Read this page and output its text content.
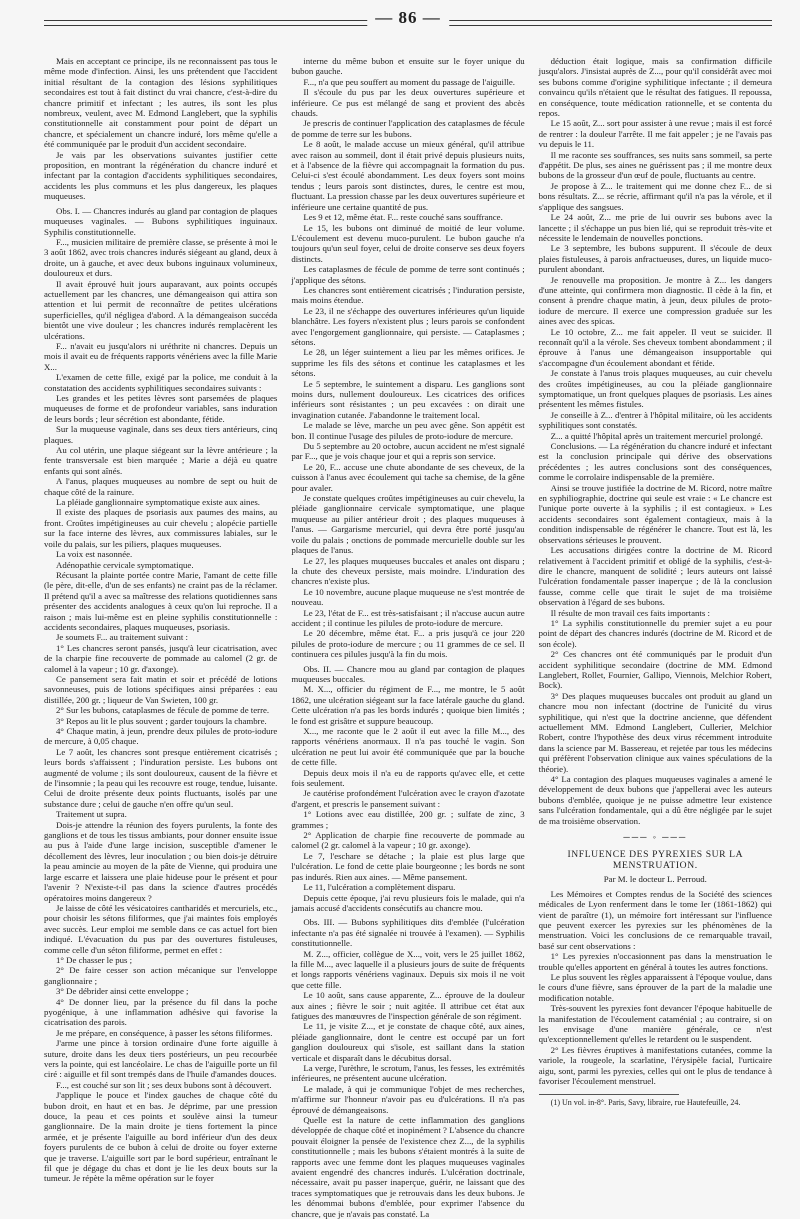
— 86 —

Mais en acceptant ce principe, ils ne reconnaissent pas tous le même mode d'infection. Ainsi, les uns prétendent que l'accident initial résultant de la contagion des lésions syphilitiques secondaires est tout à fait distinct du vrai chancre, c'est-à-dire du chancre primitif et infectant ; les autres, ils sont les plus nombreux, veulent, avec M. Edmond Langlebert, que la syphilis constitutionnelle ait constamment pour point de départ un chancre, et spécialement un chancre induré, lors même qu'elle a été communiquée par le produit d'un accident secondaire.

Je vais par les observations suivantes justifier cette proposition, en montrant la régénération du chancre induré et infectant par la contagion d'accidents syphilitiques secondaires, accidents les plus communs et les plus dangereux, les plaques muqueuses.

Obs. I. — Chancres indurés au gland par contagion de plaques muqueuses vaginales. — Bubons syphilitiques inguinaux. Syphilis constitutionnelle.

F..., musicien militaire de première classe, se présente à moi le 3 août 1862, avec trois chancres indurés siégeant au gland, deux à droite, un à gauche, et avec deux bubons inguinaux volumineux, douloureux et durs.

Il avait éprouvé huit jours auparavant, aux points occupés actuellement par les chancres, une démangeaison qui attira son attention et lui permit de reconnaître de petites ulcérations superficielles, qu'il négligea d'abord. A la démangeaison succéda bientôt une vive douleur ; les chancres indurés remplacèrent les ulcérations.

F... n'avait eu jusqu'alors ni uréthrite ni chancres. Depuis un mois il avait eu de fréquents rapports vénériens avec la fille Marie X...

L'examen de cette fille, exigé par la police, me conduit à la constatation des accidents syphilitiques secondaires suivants :

Les grandes et les petites lèvres sont parsemées de plaques muqueuses de forme et de profondeur variables, sans induration de leurs bords ; leur sécrétion est abondante, fétide.

Sur la muqueuse vaginale, dans ses deux tiers antérieurs, cinq plaques.

Au col utérin, une plaque siégeant sur la lèvre antérieure ; la fente transversale est bien marquée ; Marie a déjà eu quatre enfants qui sont aînés.

A l'anus, plaques muqueuses au nombre de sept ou huit de chaque côté de la rainure.

La pléiade ganglionnaire symptomatique existe aux aines.

Il existe des plaques de psoriasis aux paumes des mains, au front. Croûtes impétigineuses au cuir chevelu ; alopécie partielle sur la face interne des lèvres, aux commissures labiales, sur le voile du palais, sur les piliers, plaques muqueuses.

La voix est nasonnée.

Adénopathie cervicale symptomatique.

Récusant la plainte portée contre Marie, l'amant de cette fille (le père, dit-elle, d'un de ses enfants) ne craint pas de la réclamer. Il prétend qu'il a avec sa maîtresse des relations quotidiennes sans présenter des accidents analogues à ceux qu'on lui reproche. Il a raison ; mais lui-même est en pleine syphilis constitutionnelle : accidents secondaires, plaques muqueuses, psoriasis.

Je soumets F... au traitement suivant :

1° Les chancres seront pansés, jusqu'à leur cicatrisation, avec de la charpie fine recouverte de pommade au calomel (2 gr. de calomel à la vapeur ; 10 gr. d'axonge).

Ce pansement sera fait matin et soir et précédé de lotions savonneuses, puis de lotions spécifiques ainsi préparées : eau distillée, 200 gr. ; liqueur de Van Swieten, 100 gr.

2° Sur les bubons, cataplasmes de fécule de pomme de terre.

3° Repos au lit le plus souvent ; garder toujours la chambre.

4° Chaque matin, à jeun, prendre deux pilules de proto-iodure de mercure, à 0,05 chaque.

Le 7 août, les chancres sont presque entièrement cicatrisés ; leurs bords s'affaissent ; l'induration persiste. Les bubons ont augmenté de volume ; ils sont douloureux, causent de la fièvre et de l'insomnie ; la peau qui les recouvre est rouge, tendue, luisante. Celui de droite présente deux points fluctuants, isolés par une substance dure ; celui de gauche n'en offre qu'un seul.

Traitement ut supra.

Dois-je attendre la réunion des foyers purulents, la fonte des ganglions et de tous les tissus ambiants, pour donner ensuite issue au pus à l'aide d'une large incision, susceptible d'amener le décollement des lèvres, leur inoculation ; ou bien dois-je détruire la peau amincie au moyen de la pâte de Vienne, qui produira une large escarre et laissera une plaie hideuse pour le présent et pour l'avenir ? N'existe-t-il pas dans la science d'autres procédés opératoires moins dangereux ?

Je laisse de côté les vésicatoires cantharidés et mercuriels, etc., pour choisir les sétons filiformes, que j'ai maintes fois employés avec succès. Leur emploi me semble dans ce cas actuel fort bien indiqué. L'évacuation du pus par des ouvertures fistuleuses, comme celle d'un séton filiforme, permet en effet :

1° De chasser le pus ;

2° De faire cesser son action mécanique sur l'enveloppe ganglionnaire ;

3° De débrider ainsi cette enveloppe ;

4° De donner lieu, par la présence du fil dans la poche pyogénique, à une inflammation adhésive qui favorise la cicatrisation des parois.

Je me prépare, en conséquence, à passer les sétons filiformes.

J'arme une pince à torsion ordinaire d'une forte aiguille à suture, droite dans les deux tiers postérieurs, un peu recourbée vers la pointe, qui est lancéolaire. Le chas de l'aiguille porte un fil ciré : aiguille et fil sont trempés dans de l'huile d'amandes douces.

F..., est couché sur son lit ; ses deux bubons sont à découvert.

J'applique le pouce et l'index gauches de chaque côté du bubon droit, en haut et en bas. Je déprime, par une pression douce, la peau et ces points et soulève ainsi la tumeur ganglionnaire. De la main droite je tiens fortement la pince armée, et je présente l'aiguille au bord inférieur d'un des deux foyers purulents de ce bubon à celui de droite ou foyer externe que je traverse. L'aiguille sort par le bord supérieur, entraînant le fil que je dégage du chas et dont je lie les deux bouts sur la tumeur. Je répète la même opération sur le foyer

interne du même bubon et ensuite sur le foyer unique du bubon gauche.

F..., n'a que peu souffert au moment du passage de l'aiguille.

Il s'écoule du pus par les deux ouvertures supérieure et inférieure. Ce pus est mélangé de sang et provient des abcès chauds.

Je prescris de continuer l'application des cataplasmes de fécule de pomme de terre sur les bubons.

Le 8 août, le malade accuse un mieux général, qu'il attribue avec raison au sommeil, dont il était privé depuis plusieurs nuits, et à l'absence de la fièvre qui accompagnait la formation du pus. Celui-ci s'est écoulé abondamment. Les deux foyers sont moins tendus ; leurs parois sont distinctes, dures, le centre est mou, fluctuant. La pression chasse par les deux ouvertures supérieure et inférieure une certaine quantité de pus.

Les 9 et 12, même état. F... reste couché sans souffrance.

Le 15, les bubons ont diminué de moitié de leur volume. L'écoulement est devenu muco-purulent. Le bubon gauche n'a toujours qu'un seul foyer, celui de droite conserve ses deux foyers distincts.

Les cataplasmes de fécule de pomme de terre sont continués ; j'applique des sétons.

Les chancres sont entièrement cicatrisés ; l'induration persiste, mais moins étendue.

Le 23, il ne s'échappe des ouvertures inférieures qu'un liquide blanchâtre. Les foyers n'existent plus ; leurs parois se confondent avec l'engorgement ganglionnaire, qui persiste. — Cataplasmes ; sétons.

Le 28, un léger suintement a lieu par les mêmes orifices. Je supprime les fils des sétons et continue les cataplasmes et les sétons.

Le 5 septembre, le suintement a disparu. Les ganglions sont moins durs, nullement douloureux. Les cicatrices des orifices inférieurs sont résistantes ; un peu excavées : on dirait une invagination cutanée. J'abandonne le traitement local.

Le malade se lève, marche un peu avec gêne. Son appétit est bon. Il continue l'usage des pilules de proto-iodure de mercure.

Du 5 septembre au 20 octobre, aucun accident ne m'est signalé par F..., que je vois chaque jour et qui a repris son service.

Le 20, F... accuse une chute abondante de ses cheveux, de la cuisson à l'anus avec écoulement qui tache sa chemise, de la gêne pour avaler.

Je constate quelques croûtes impétigineuses au cuir chevelu, la pléiade ganglionnaire cervicale symptomatique, une plaque muqueuse au pilier antérieur droit ; des plaques muqueuses à l'anus. — Gargarisme mercuriel, qui devra être porté jusqu'au voile du palais ; onctions de pommade mercurielle double sur les plaques de l'anus.

Le 27, les plaques muqueuses buccales et anales ont disparu ; la chute des cheveux persiste, mais moindre. L'induration des chancres n'existe plus.

Le 10 novembre, aucune plaque muqueuse ne s'est montrée de nouveau.

Le 23, l'état de F... est très-satisfaisant ; il n'accuse aucun autre accident ; il continue les pilules de proto-iodure de mercure.

Le 20 décembre, même état. F... a pris jusqu'à ce jour 220 pilules de proto-iodure de mercure ; ou 11 grammes de ce sel. Il continuera ces pilules jusqu'à la fin du mois.

Obs. II. — Chancre mou au gland par contagion de plaques muqueuses buccales.

M. X..., officier du régiment de F..., me montre, le 5 août 1862, une ulcération siégeant sur la face latérale gauche du gland. Cette ulcération n'a pas les bords indurés ; quoique bien limités ; le fond est grisâtre et suppure beaucoup.

X..., me raconte que le 2 août il eut avec la fille M..., des rapports vénériens anormaux. Il n'a pas touché le vagin. Son ulcération ne peut lui avoir été communiquée que par la bouche de cette fille.

Depuis deux mois il n'a eu de rapports qu'avec elle, et cette fois seulement.

Je cautérise profondément l'ulcération avec le crayon d'azotate d'argent, et prescris le pansement suivant :

1° Lotions avec eau distillée, 200 gr. ; sulfate de zinc, 3 grammes ;

2° Application de charpie fine recouverte de pommade au calomel (2 gr. calomel à la vapeur ; 10 gr. axonge).

Le 7, l'eschare se détache ; la plaie est plus large que l'ulcération. Le fond de cette plaie bourgeonne ; les bords ne sont pas indurés. Rien aux aines. — Même pansement.

Le 11, l'ulcération a complètement disparu.

Depuis cette époque, j'ai revu plusieurs fois le malade, qui n'a jamais accusé d'accidents consécutifs au chancre mou.

Obs. III. — Bubons syphilitiques dits d'emblée (l'ulcération infectante n'a pas été signalée ni trouvée à l'examen). — Syphilis constitutionnelle.

M. Z..., officier, collègue de X..., voit, vers le 25 juillet 1862, la fille M..., avec laquelle il a plusieurs jours de suite de fréquents et longs rapports vénériens vaginaux. Depuis six mois il ne voit que cette fille.

Le 10 août, sans cause apparente, Z... éprouve de la douleur aux aines ; fièvre le soir ; nuit agitée. Il attribue cet état aux fatigues des manœuvres de l'inspection générale de son régiment.

Le 11, je visite Z..., et je constate de chaque côté, aux aines, pléiade ganglionnaire, dont le centre est occupé par un fort ganglion douloureux qui s'isole, est saillant dans la station verticale et disparaît dans le décubitus dorsal.

La verge, l'urèthre, le scrotum, l'anus, les fesses, les extrémités inférieures, ne présentent aucune ulcération.

Le malade, à qui je communique l'objet de mes recherches, m'affirme sur l'honneur n'avoir pas eu d'ulcérations. Il n'a pas éprouvé de démangeaisons.

Quelle est la nature de cette inflammation des ganglions développée de chaque côté et inopinément ? L'absence du chancre pouvait éloigner la pensée de l'existence chez Z..., de la syphilis constitutionnelle ; mais les bubons s'étaient montrés à la suite de rapports avec une femme dont les plaques muqueuses vaginales avaient engendré des chancres indurés. L'ulcération doctrinale, nécessaire, avait pu passer inaperçue, guérir, ne laissant que des traces symptomatiques que je retrouvais dans les deux bubons. Je les dénommai bubons d'emblée, pour exprimer l'absence du chancre, que je n'avais pas constaté. La

déduction était logique, mais sa confirmation difficile jusqu'alors. J'insistai auprès de Z..., pour qu'il considérât avec moi ses bubons comme d'origine syphilitique infectante ; il demeura convaincu qu'ils n'étaient que le résultat des fatigues. Il repoussa, en conséquence, toute médication rationnelle, et se contenta du repos.

Le 15 août, Z... sort pour assister à une revue ; mais il est forcé de rentrer : la douleur l'arrête. Il me fait appeler ; je ne l'avais pas vu depuis le 11.

Il me raconte ses souffrances, ses nuits sans sommeil, sa perte d'appétit. De plus, ses aines ne guérissent pas ; il me montre deux bubons de la grosseur d'un œuf de poule, fluctuants au centre.

Je propose à Z... le traitement qui me donne chez F... de si bons résultats. Z... se récrie, affirmant qu'il n'a pas la vérole, et il s'applique des sangsues.

Le 24 août, Z... me prie de lui ouvrir ses bubons avec la lancette ; il s'échappe un pus bien lié, qui se reproduit très-vite et nécessite le lendemain de nouvelles ponctions.

Le 3 septembre, les bubons suppurent. Il s'écoule de deux plaies fistuleuses, à parois anfractueuses, dures, un liquide muco-purulent abondant.

Je renouvelle ma proposition. Je montre à Z... les dangers d'une atteinte, qui confirmera mon diagnostic. Il cède à la fin, et consent à prendre chaque matin, à jeun, deux pilules de proto-iodure de mercure. Il exerce une compression graduée sur les aines avec des spicas.

Le 10 octobre, Z... me fait appeler. Il veut se suicider. Il reconnaît qu'il a la vérole. Ses cheveux tombent abondamment ; il éprouve à l'anus une démangeaison insupportable qui s'accompagne d'un écoulement abondant et fétide.

Je constate à l'anus trois plaques muqueuses, au cuir chevelu des croûtes impétigineuses, au cou la pléiade ganglionnaire symptomatique, un front quelques plaques de psoriasis. Les aines présentent les mêmes fistules.

Je conseille à Z... d'entrer à l'hôpital militaire, où les accidents syphilitiques sont constatés.

Z... a quitté l'hôpital après un traitement mercuriel prolongé.

Conclusions. — La régénération du chancre induré et infectant est la conclusion principale qui dérive des observations précédentes ; les autres conclusions sont des conséquences, comme le corrolaire indispensable de la première.

Ainsi se trouve justifiée la doctrine de M. Ricord, notre maître en syphiliographie, doctrine qui seule est vraie : « Le chancre est l'unique porte ouverte à la syphilis ; il est contagieux. » Les accidents secondaires sont également contagieux, mais à la condition indispensable de régénérer le chancre. Tout est là, les observations sérieuses le prouvent.

Les accusations dirigées contre la doctrine de M. Ricord relativement à l'accident primitif et obligé de la syphilis, c'est-à-dire le chancre, manquent de solidité ; leurs auteurs ont laissé l'ulcération fondamentale passer inaperçue ; de là la conclusion fausse, comme celle que tirait le sujet de ma troisième observation à l'égard de ses bubons.

Il résulte de mon travail ces faits importants :

1° La syphilis constitutionnelle du premier sujet a eu pour point de départ des chancres indurés (doctrine de M. Ricord et de son école).

2° Ces chancres ont été communiqués par le produit d'un accident syphilitique secondaire (doctrine de MM. Edmond Langlebert, Rollet, Fournier, Gallipo, Viennois, Melchior Robert, Bock).

3° Des plaques muqueuses buccales ont produit au gland un chancre mou non infectant (doctrine de l'unicité du virus syphilitique, qui n'est que la doctrine ancienne, que défendent actuellement MM. Edmond Langlebert, Cullerier, Melchior Robert, contre l'hypothèse des deux virus récemment introduite dans la science par M. Bassereau, et rejetée par tous les médecins qui préfèrent l'observation clinique aux vaines spéculations de la théorie).

4° La contagion des plaques muqueuses vaginales a amené le développement de deux bubons que j'appellerai avec les auteurs bubons d'emblée, quoique je ne puisse admettre leur existence sans l'ulcération fondamentale, qui a dû être négligée par le sujet de ma troisième observation.

─── ◦ ───
INFLUENCE DES PYREXIES SUR LA MENSTRUATION.
Par M. le docteur L. Perroud.

Les Mémoires et Comptes rendus de la Société des sciences médicales de Lyon renferment dans le tome Ier (1861-1862) qui vient de paraître (1), un mémoire fort intéressant sur l'influence que peuvent exercer les pyrexies sur les phénomènes de la menstruation. Voici les conclusions de ce remarquable travail, basé sur cent observations :

1° Les pyrexies n'occasionnent pas dans la menstruation le trouble qu'elles apportent en général à toutes les autres fonctions.

Le plus souvent les règles apparaissent à l'époque voulue, dans le cours d'une fièvre, sans éprouver de la part de la maladie une modification notable.

Très-souvent les pyrexies font devancer l'époque habituelle de la manifestation de l'écoulement cataménial ; au contraire, si on les envisage d'une manière générale, ce n'est qu'exceptionnellement qu'elles le retardent ou le suspendent.

2° Les fièvres éruptives à manifestations cutanées, comme la variole, la rougeole, la scarlatine, l'érysipèle facial, l'urticaire aigu, sont, parmi les pyrexies, celles qui ont le plus de tendance à favoriser l'écoulement menstruel.

(1) Un vol. in-8°. Paris, Savy, libraire, rue Hautefeuille, 24.
